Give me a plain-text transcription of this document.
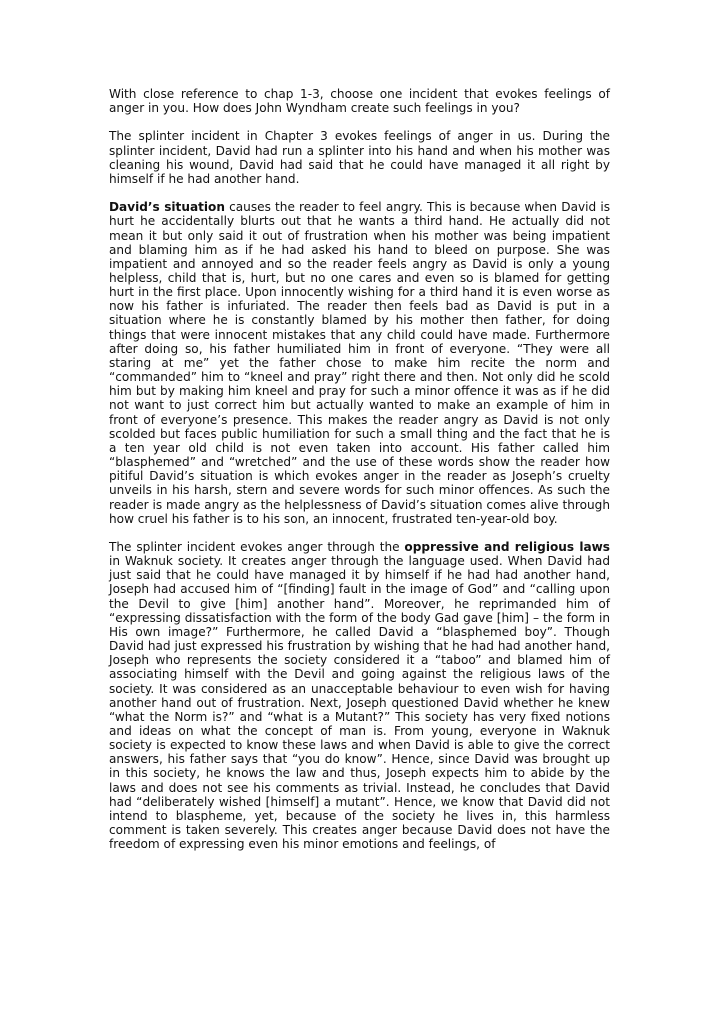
With close reference to chap 1-3, choose one incident that evokes feelings of anger in you. How does John Wyndham create such feelings in you?

The splinter incident in Chapter 3 evokes feelings of anger in us. During the splinter incident, David had run a splinter into his hand and when his mother was cleaning his wound, David had said that he could have managed it all right by himself if he had another hand.

David’s situation causes the reader to feel angry. This is because when David is hurt he accidentally blurts out that he wants a third hand. He actually did not mean it but only said it out of frustration when his mother was being impatient and blaming him as if he had asked his hand to bleed on purpose. She was impatient and annoyed and so the reader feels angry as David is only a young helpless, child that is, hurt, but no one cares and even so is blamed for getting hurt in the first place. Upon innocently wishing for a third hand it is even worse as now his father is infuriated. The reader then feels bad as David is put in a situation where he is constantly blamed by his mother then father, for doing things that were innocent mistakes that any child could have made. Furthermore after doing so, his father humiliated him in front of everyone. “They were all staring at me” yet the father chose to make him recite the norm and “commanded” him to “kneel and pray” right there and then. Not only did he scold him but by making him kneel and pray for such a minor offence it was as if he did not want to just correct him but actually wanted to make an example of him in front of everyone’s presence. This makes the reader angry as David is not only scolded but faces public humiliation for such a small thing and the fact that he is a ten year old child is not even taken into account. His father called him “blasphemed” and “wretched” and the use of these words show the reader how pitiful David’s situation is which evokes anger in the reader as Joseph’s cruelty unveils in his harsh, stern and severe words for such minor offences. As such the reader is made angry as the helplessness of David’s situation comes alive through how cruel his father is to his son, an innocent, frustrated ten-year-old boy.

The splinter incident evokes anger through the oppressive and religious laws in Waknuk society. It creates anger through the language used. When David had just said that he could have managed it by himself if he had had another hand, Joseph had accused him of “[finding] fault in the image of God” and “calling upon the Devil to give [him] another hand”. Moreover, he reprimanded him of “expressing dissatisfaction with the form of the body Gad gave [him] – the form in His own image?” Furthermore, he called David a “blasphemed boy”. Though David had just expressed his frustration by wishing that he had had another hand, Joseph who represents the society considered it a “taboo” and blamed him of associating himself with the Devil and going against the religious laws of the society. It was considered as an unacceptable behaviour to even wish for having another hand out of frustration. Next, Joseph questioned David whether he knew “what the Norm is?” and “what is a Mutant?” This society has very fixed notions and ideas on what the concept of man is. From young, everyone in Waknuk society is expected to know these laws and when David is able to give the correct answers, his father says that “you do know”. Hence, since David was brought up in this society, he knows the law and thus, Joseph expects him to abide by the laws and does not see his comments as trivial. Instead, he concludes that David had “deliberately wished [himself] a mutant”. Hence, we know that David did not intend to blaspheme, yet, because of the society he lives in, this harmless comment is taken severely. This creates anger because David does not have the freedom of expressing even his minor emotions and feelings, of
